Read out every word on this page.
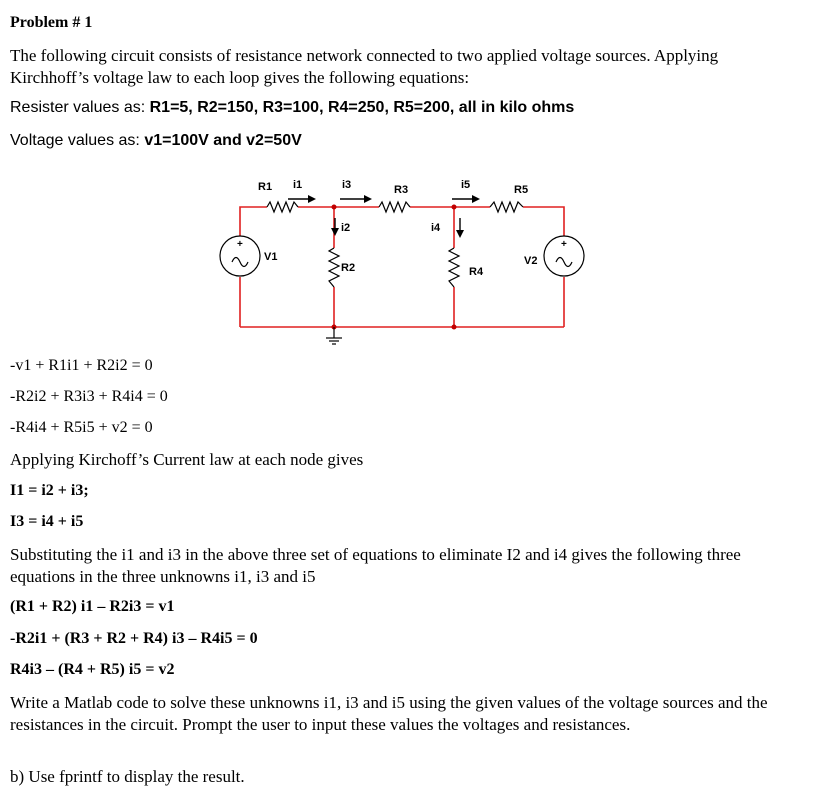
Problem # 1
The following circuit consists of resistance network connected to two applied voltage sources. Applying Kirchhoff’s voltage law to each loop gives the following equations:
Resister values as: R1=5, R2=150, R3=100, R4=250, R5=200, all in kilo ohms
Voltage values as: v1=100V and v2=50V
R1 i1	i3	R3	i5	R5
i2	i4
V1
R2	R4
V2
+	+
-v1 + R1i1 + R2i2 = 0
-R2i2 + R3i3 + R4i4 = 0
-R4i4 + R5i5 + v2 = 0
Applying Kirchoff’s Current law at each node gives
I1 = i2 + i3;
I3 = i4 + i5
Substituting the i1 and i3 in the above three set of equations to eliminate I2 and i4 gives the following three equations in the three unknowns i1, i3 and i5
(R1 + R2) i1 – R2i3 = v1
-R2i1 + (R3 + R2 + R4) i3 – R4i5 = 0
R4i3 – (R4 + R5) i5 = v2
Write a Matlab code to solve these unknowns i1, i3 and i5 using the given values of the voltage sources and the resistances in the circuit. Prompt the user to input these values the voltages and resistances.
b) Use fprintf to display the result.
